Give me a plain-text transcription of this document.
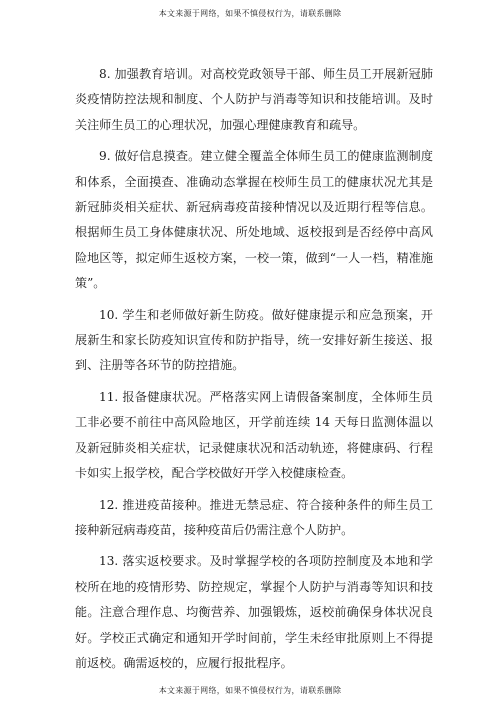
本文来源于网络，如果不慎侵权行为，请联系删除

8. 加强教育培训。对高校党政领导干部、师生员工开展新冠肺炎疫情防控法规和制度、个人防护与消毒等知识和技能培训。及时关注师生员工的心理状况，加强心理健康教育和疏导。

9. 做好信息摸查。建立健全覆盖全体师生员工的健康监测制度和体系，全面摸查、准确动态掌握在校师生员工的健康状况尤其是新冠肺炎相关症状、新冠病毒疫苗接种情况以及近期行程等信息。根据师生员工身体健康状况、所处地域、返校报到是否经停中高风险地区等，拟定师生返校方案，一校一策，做到“一人一档，精准施策”。

10. 学生和老师做好新生防疫。做好健康提示和应急预案，开展新生和家长防疫知识宣传和防护指导，统一安排好新生接送、报到、注册等各环节的防控措施。

11. 报备健康状况。严格落实网上请假备案制度，全体师生员工非必要不前往中高风险地区，开学前连续 14 天每日监测体温以及新冠肺炎相关症状，记录健康状况和活动轨迹，将健康码、行程卡如实上报学校，配合学校做好开学入校健康检查。

12. 推进疫苗接种。推进无禁忌症、符合接种条件的师生员工接种新冠病毒疫苗，接种疫苗后仍需注意个人防护。

13. 落实返校要求。及时掌握学校的各项防控制度及本地和学校所在地的疫情形势、防控规定，掌握个人防护与消毒等知识和技能。注意合理作息、均衡营养、加强锻炼，返校前确保身体状况良好。学校正式确定和通知开学时间前，学生未经审批原则上不得提前返校。确需返校的，应履行报批程序。

本文来源于网络，如果不慎侵权行为，请联系删除
